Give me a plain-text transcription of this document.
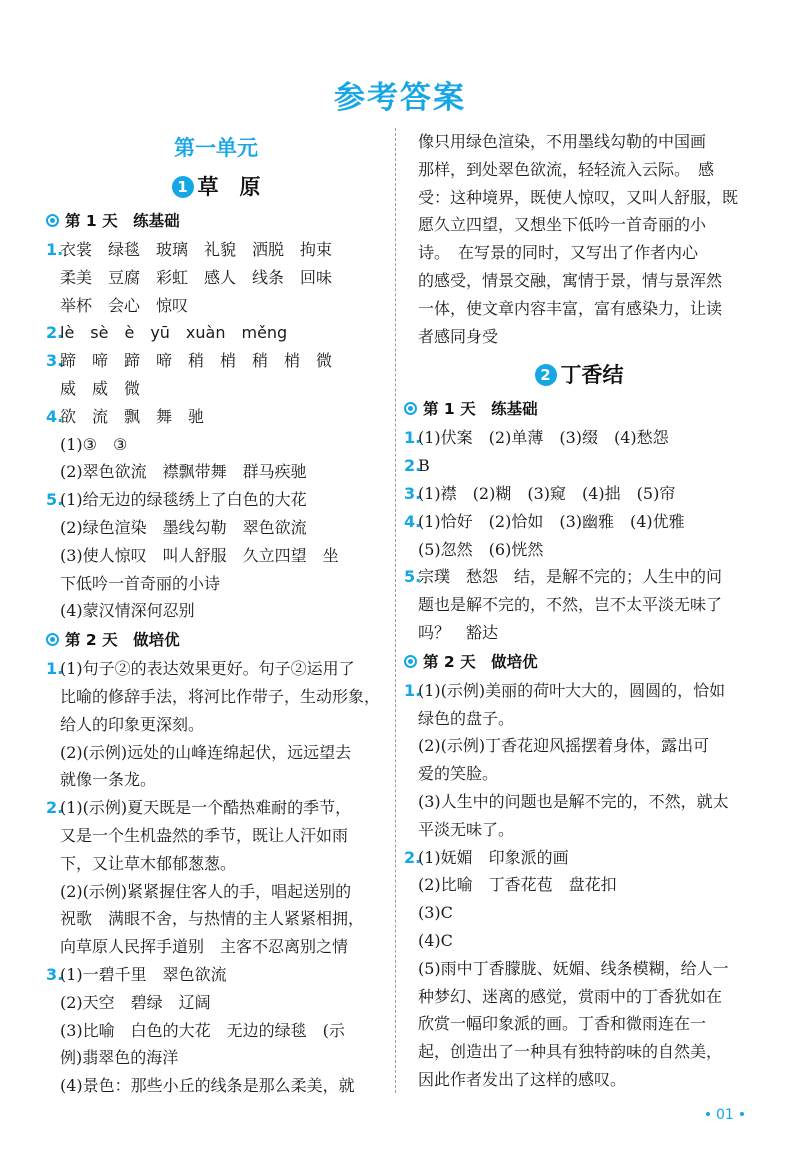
参考答案
第一单元
1 草　原
第 1 天　练基础
1.衣裳　绿毯　玻璃　礼貌　洒脱　拘束
柔美　豆腐　彩虹　感人　线条　回味
举杯　会心　惊叹
2.lè　sè　è　yū　xuàn　měng
3.蹄　啼　蹄　啼　稍　梢　稍　梢　微
威　威　微
4.欲　流　飘　舞　驰
(1)③　③
(2)翠色欲流　襟飘带舞　群马疾驰
5.(1)给无边的绿毯绣上了白色的大花
(2)绿色渲染　墨线勾勒　翠色欲流
(3)使人惊叹　叫人舒服　久立四望　坐
下低吟一首奇丽的小诗
(4)蒙汉情深何忍别
第 2 天　做培优
1.(1)句子②的表达效果更好。句子②运用了
比喻的修辞手法，将河比作带子，生动形象，
给人的印象更深刻。
(2)(示例)远处的山峰连绵起伏，远远望去
就像一条龙。
2.(1)(示例)夏天既是一个酷热难耐的季节，
又是一个生机盎然的季节，既让人汗如雨
下，又让草木郁郁葱葱。
(2)(示例)紧紧握住客人的手，唱起送别的
祝歌　满眼不舍，与热情的主人紧紧相拥，
向草原人民挥手道别　主客不忍离别之情
3.(1)一碧千里　翠色欲流
(2)天空　碧绿　辽阔
(3)比喻　白色的大花　无边的绿毯　(示
例)翡翠色的海洋
(4)景色：那些小丘的线条是那么柔美，就
像只用绿色渲染，不用墨线勾勒的中国画
那样，到处翠色欲流，轻轻流入云际。　感
受：这种境界，既使人惊叹，又叫人舒服，既
愿久立四望，又想坐下低吟一首奇丽的小
诗。　在写景的同时，又写出了作者内心
的感受，情景交融，寓情于景，情与景浑然
一体，使文章内容丰富，富有感染力，让读
者感同身受
2 丁香结
第 1 天　练基础
1.(1)伏案　(2)单薄　(3)缀　(4)愁怨
2.B
3.(1)襟　(2)糊　(3)窥　(4)拙　(5)帘
4.(1)恰好　(2)恰如　(3)幽雅　(4)优雅
(5)忽然　(6)恍然
5.宗璞　愁怨　结，是解不完的；人生中的问
题也是解不完的，不然，岂不太平淡无味了
吗？　豁达
第 2 天　做培优
1.(1)(示例)美丽的荷叶大大的，圆圆的，恰如
绿色的盘子。
(2)(示例)丁香花迎风摇摆着身体，露出可
爱的笑脸。
(3)人生中的问题也是解不完的，不然，就太
平淡无味了。
2.(1)妩媚　印象派的画
(2)比喻　丁香花苞　盘花扣
(3)C
(4)C
(5)雨中丁香朦胧、妩媚、线条模糊，给人一
种梦幻、迷离的感觉，赏雨中的丁香犹如在
欣赏一幅印象派的画。丁香和微雨连在一
起，创造出了一种具有独特韵味的自然美，
因此作者发出了这样的感叹。
01
